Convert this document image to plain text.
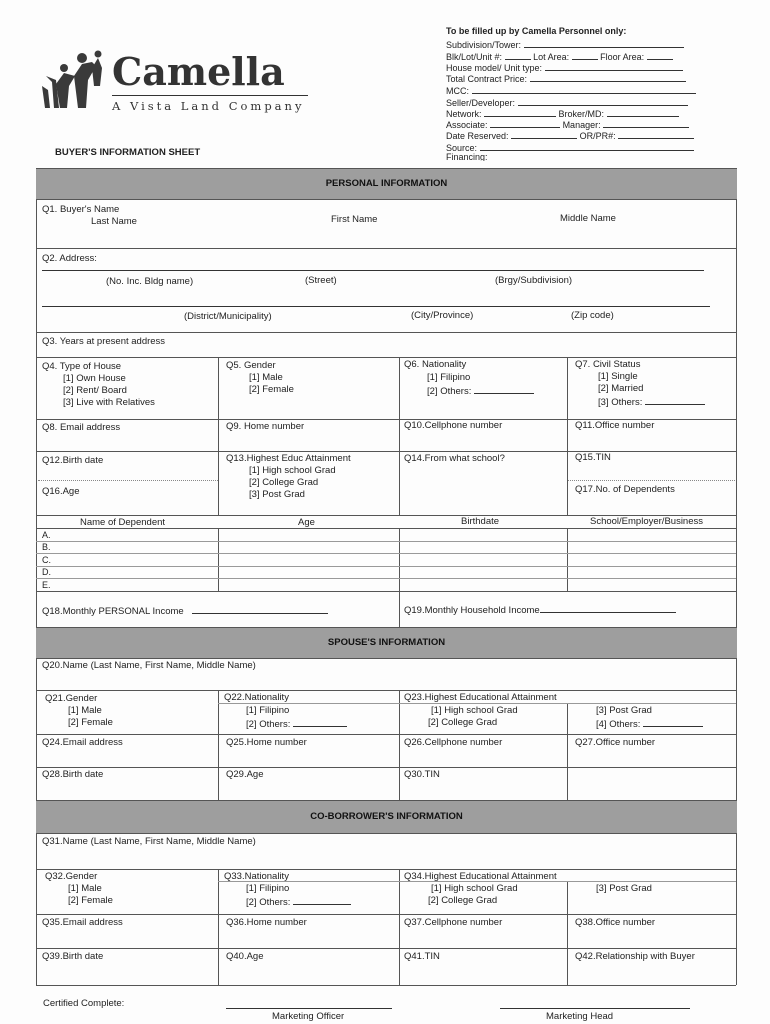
Camella
A Vista Land Company
BUYER'S INFORMATION SHEET
To be filled up by Camella Personnel only:
Subdivision/Tower:
Blk/Lot/Unit #:	Lot Area:	Floor Area:
House model/ Unit type:
Total Contract Price:
MCC:
Seller/Developer:
Network:	Broker/MD:
Associate:	Manager:
Date Reserved:	OR/PR#:
Source:
Financing:
PERSONAL INFORMATION
Q1. Buyer's Name
Last Name	First Name	Middle Name
Q2. Address:
(No. Inc. Bldg name)	(Street)	(Brgy/Subdivision)
(District/Municipality)	(City/Province)	(Zip code)
Q3. Years at present address
Q4. Type of House
[1] Own House
[2] Rent/ Board
[3] Live with Relatives
Q5. Gender
[1] Male
[2] Female
Q6. Nationality
[1] Filipino
[2] Others:
Q7. Civil Status
[1] Single
[2] Married
[3] Others:
Q8. Email address	Q9. Home number	Q10.Cellphone number	Q11.Office number
Q12.Birth date	Q13.Highest Educ Attainment
[1] High school Grad
[2] College Grad
[3] Post Grad
Q14.From what school?	Q15.TIN
Q16.Age	Q17.No. of Dependents
Name of Dependent	Age	Birthdate	School/Employer/Business
A.
B.
C.
D.
E.
Q18.Monthly PERSONAL Income	Q19.Monthly Household Income
SPOUSE'S INFORMATION
Q20.Name (Last Name, First Name, Middle Name)
Q21.Gender
[1] Male
[2] Female
Q22.Nationality
[1] Filipino
[2] Others:
Q23.Highest Educational Attainment
[1] High school Grad
[2] College Grad
[3] Post Grad
[4] Others:
Q24.Email address	Q25.Home number	Q26.Cellphone number	Q27.Office number
Q28.Birth date	Q29.Age	Q30.TIN
CO-BORROWER'S INFORMATION
Q31.Name (Last Name, First Name, Middle Name)
Q32.Gender
[1] Male
[2] Female
Q33.Nationality
[1] Filipino
[2] Others:
Q34.Highest Educational Attainment
[1] High school Grad
[2] College Grad
[3] Post Grad
Q35.Email address	Q36.Home number	Q37.Cellphone number	Q38.Office number
Q39.Birth date	Q40.Age	Q41.TIN	Q42.Relationship with Buyer
Certified Complete:
Marketing Officer	Marketing Head
